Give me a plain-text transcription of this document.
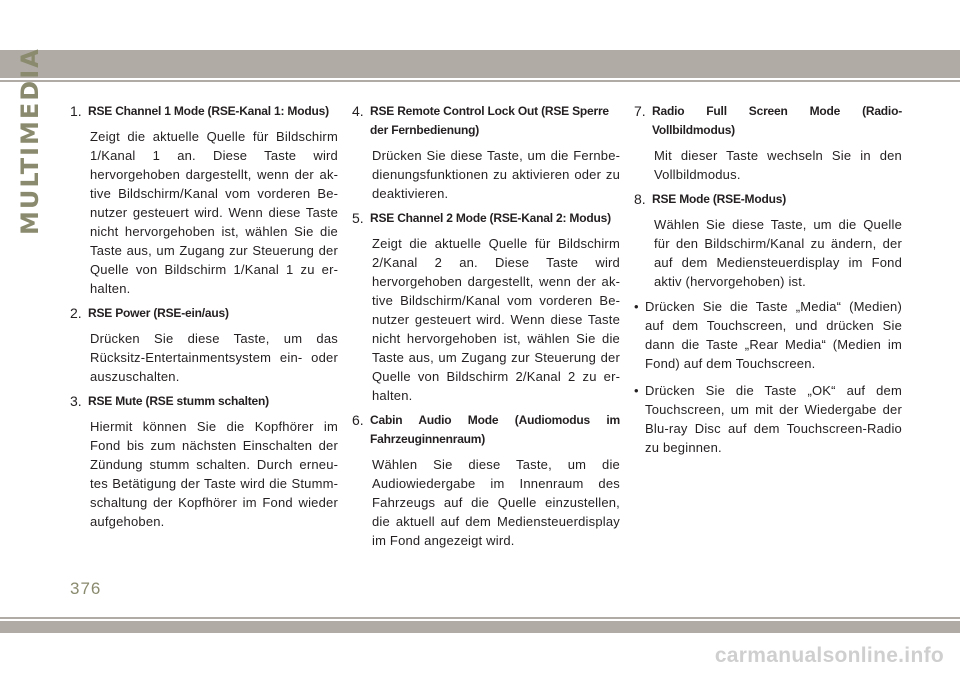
MULTIMEDIA 1. RSE Channel 1 Mode (RSE-Kanal 1: Modus)
Zeigt die aktuelle Quelle für Bildschirm 1/Kanal 1 an. Diese Taste wird hervorgehoben dargestellt, wenn der aktive Bildschirm/Kanal vom vorderen Benutzer gesteuert wird. Wenn diese Taste nicht hervorgehoben ist, wählen Sie die Taste aus, um Zugang zur Steuerung der Quelle von Bildschirm 1/Kanal 1 zu erhalten.
2. RSE Power (RSE-ein/aus)
Drücken Sie diese Taste, um das Rücksitz-Entertainmentsystem ein- oder auszuschalten.
3. RSE Mute (RSE stumm schalten)
Hiermit können Sie die Kopfhörer im Fond bis zum nächsten Einschalten der Zündung stumm schalten. Durch erneutes Betätigung der Taste wird die Stummschaltung der Kopfhörer im Fond wieder aufgehoben.
4. RSE Remote Control Lock Out (RSE Sperre der Fernbedienung)
Drücken Sie diese Taste, um die Fernbedienungsfunktionen zu aktivieren oder zu deaktivieren.
5. RSE Channel 2 Mode (RSE-Kanal 2: Modus)
Zeigt die aktuelle Quelle für Bildschirm 2/Kanal 2 an. Diese Taste wird hervorgehoben dargestellt, wenn der aktive Bildschirm/Kanal vom vorderen Benutzer gesteuert wird. Wenn diese Taste nicht hervorgehoben ist, wählen Sie die Taste aus, um Zugang zur Steuerung der Quelle von Bildschirm 2/Kanal 2 zu erhalten.
6. Cabin Audio Mode (Audiomodus im Fahrzeuginnenraum)
Wählen Sie diese Taste, um die Audiowiedergabe im Innenraum des Fahrzeugs auf die Quelle einzustellen, die aktuell auf dem Mediensteuerdisplay im Fond angezeigt wird.
7. Radio Full Screen Mode (Radio-Vollbildmodus)
Mit dieser Taste wechseln Sie in den Vollbildmodus.
8. RSE Mode (RSE-Modus)
Wählen Sie diese Taste, um die Quelle für den Bildschirm/Kanal zu ändern, der auf dem Mediensteuerdisplay im Fond aktiv (hervorgehoben) ist.
• Drücken Sie die Taste „Media“ (Medien) auf dem Touchscreen, und drücken Sie dann die Taste „Rear Media“ (Medien im Fond) auf dem Touchscreen.
• Drücken Sie die Taste „OK“ auf dem Touchscreen, um mit der Wiedergabe der Blu-ray Disc auf dem Touchscreen-Radio zu beginnen.
376
carmanualsonline.info
